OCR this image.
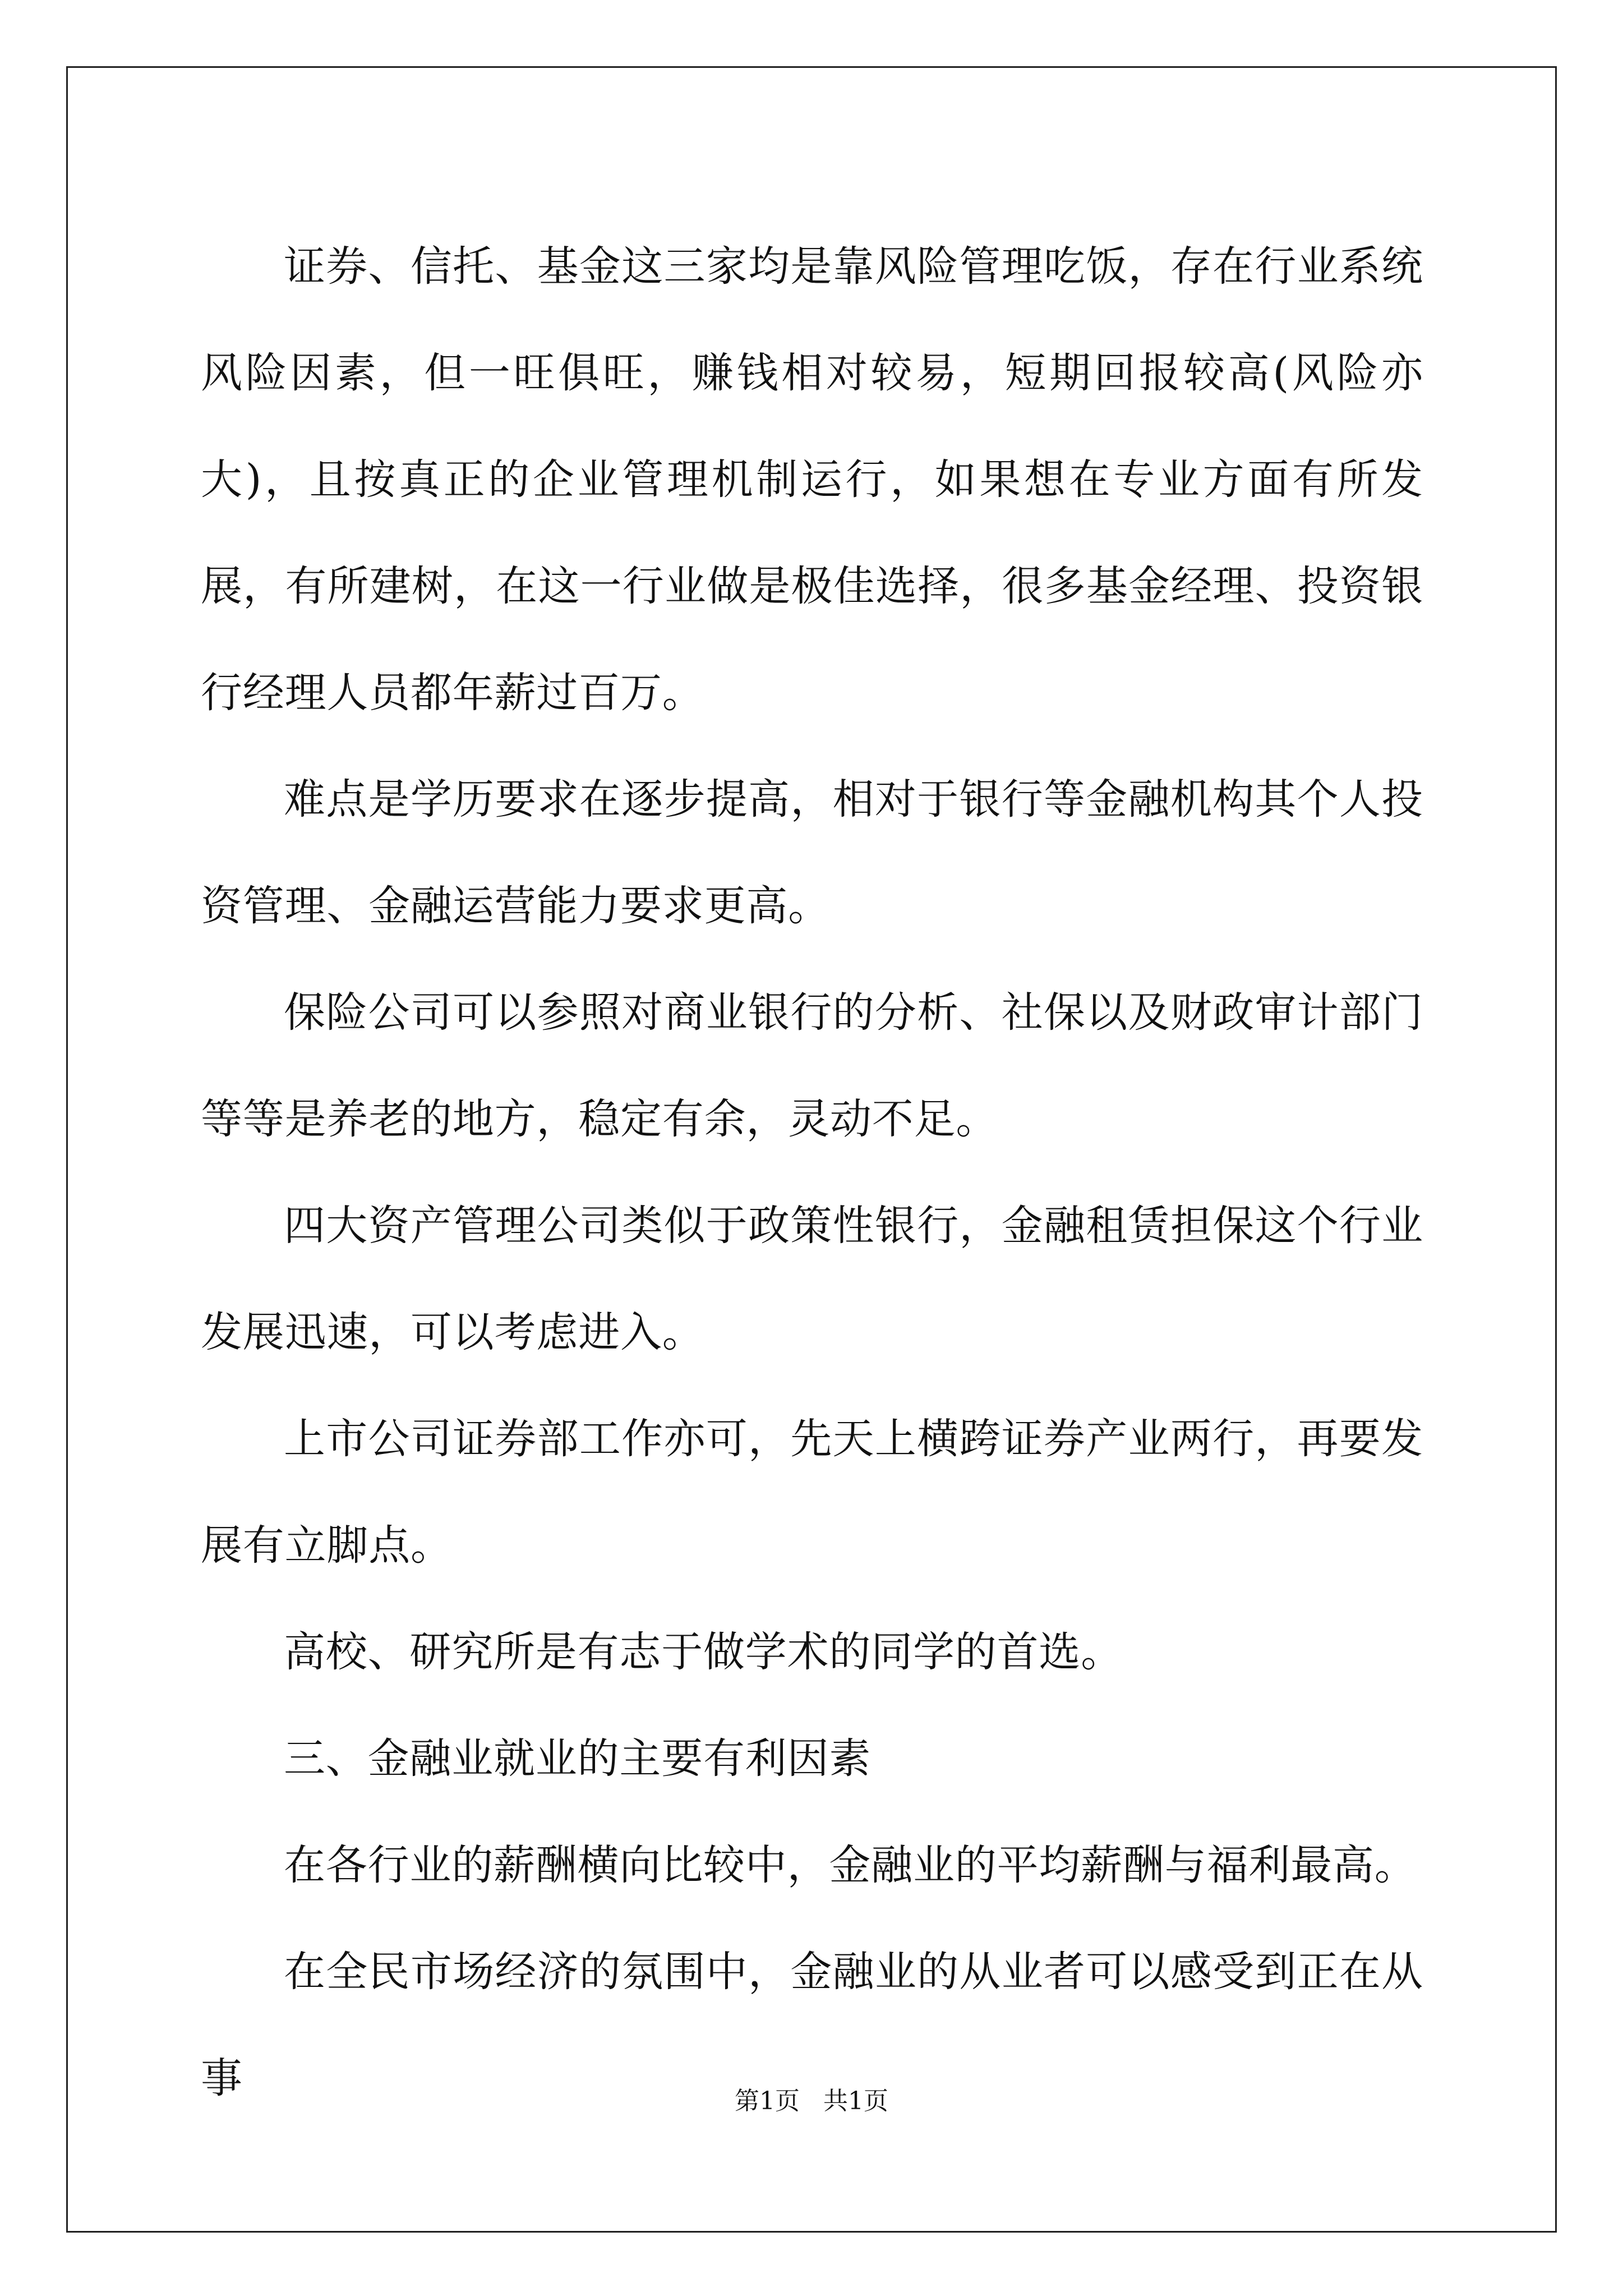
证券、信托、基金这三家均是靠风险管理吃饭，存在行业系统风险因素，但一旺俱旺，赚钱相对较易，短期回报较高(风险亦大)，且按真正的企业管理机制运行，如果想在专业方面有所发展，有所建树，在这一行业做是极佳选择，很多基金经理、投资银行经理人员都年薪过百万。

难点是学历要求在逐步提高，相对于银行等金融机构其个人投资管理、金融运营能力要求更高。

保险公司可以参照对商业银行的分析、社保以及财政审计部门等等是养老的地方，稳定有余，灵动不足。

四大资产管理公司类似于政策性银行，金融租赁担保这个行业发展迅速，可以考虑进入。

上市公司证券部工作亦可，先天上横跨证券产业两行，再要发展有立脚点。

高校、研究所是有志于做学术的同学的首选。

三、金融业就业的主要有利因素

在各行业的薪酬横向比较中，金融业的平均薪酬与福利最高。

在全民市场经济的氛围中，金融业的从业者可以感受到正在从事	第1页   共1页
